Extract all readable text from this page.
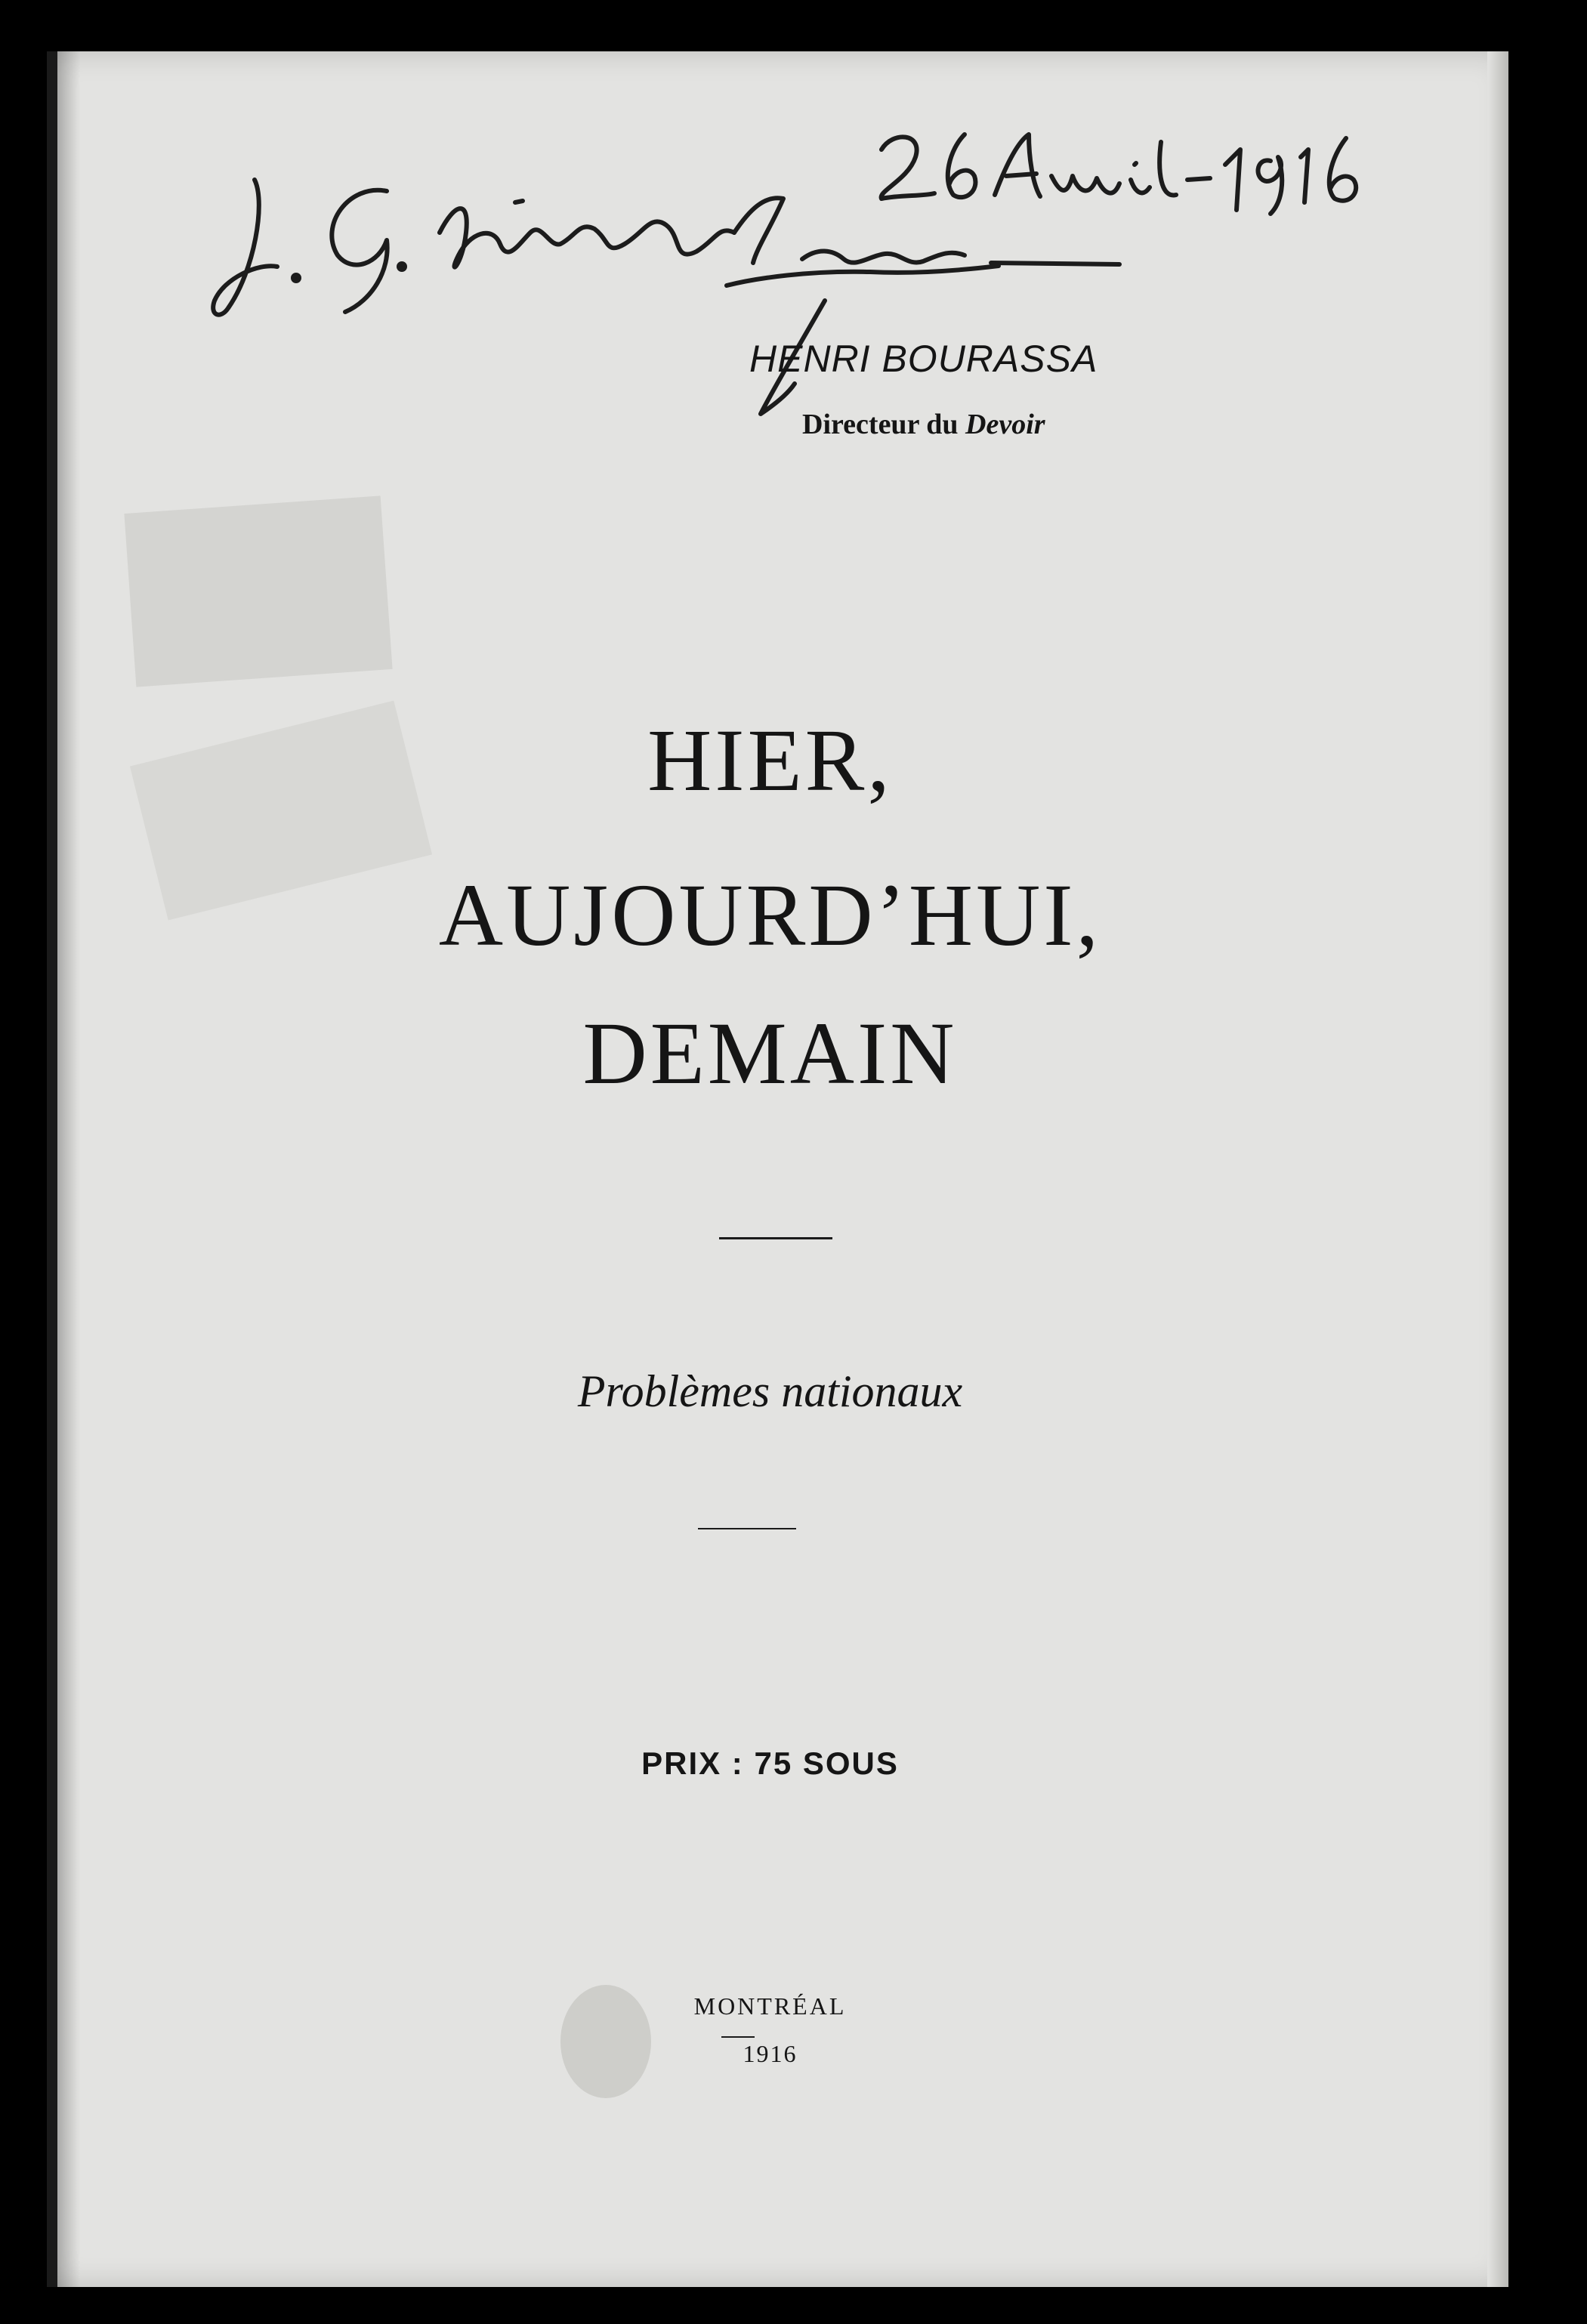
HENRI BOURASSA
Directeur du Devoir
HIER,
AUJOURD’HUI,
DEMAIN
Problèmes nationaux
PRIX : 75 SOUS
MONTRÉAL
1916
